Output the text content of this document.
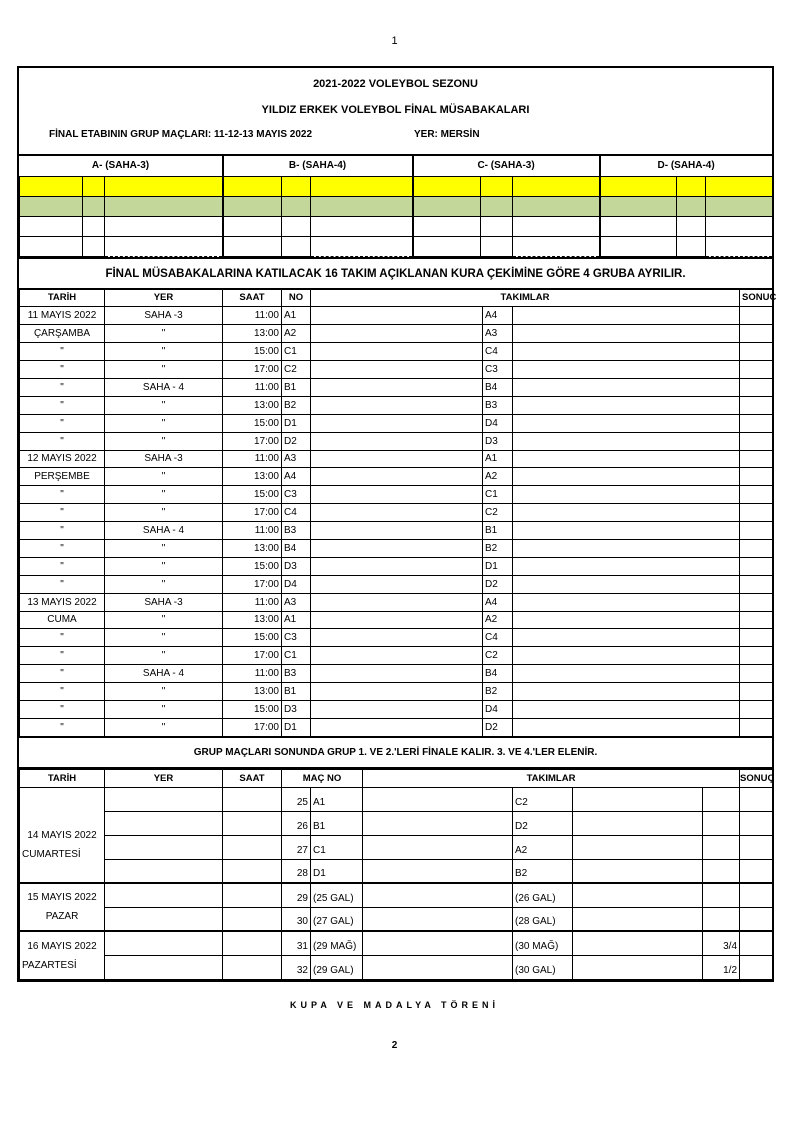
1
2021-2022 VOLEYBOL SEZONU
YILDIZ ERKEK VOLEYBOL FİNAL MÜSABAKALARI
FİNAL ETABININ GRUP MAÇLARI: 11-12-13 MAYIS 2022	YER: MERSİN
A- (SAHA-3)			B- (SAHA-4)			C- (SAHA-3)			D- (SAHA-4)		

FİNAL MÜSABAKALARINA KATILACAK 16 TAKIM AÇIKLANAN KURA ÇEKİMİNE GÖRE 4 GRUBA AYRILIR.
TARİH	YER	SAAT	NO	TAKIMLAR			SONUÇ
11 MAYIS 2022	SAHA -3	11:00	A1		A4		
ÇARŞAMBA	"	13:00	A2		A3		
"	"	15:00	C1		C4		
"	"	17:00	C2		C3		
"	SAHA - 4	11:00	B1		B4		
"	"	13:00	B2		B3		
"	"	15:00	D1		D4		
"	"	17:00	D2		D3		
12 MAYIS 2022	SAHA -3	11:00	A3		A1		
PERŞEMBE	"	13:00	A4		A2		
"	"	15:00	C3		C1		
"	"	17:00	C4		C2		
"	SAHA - 4	11:00	B3		B1		
"	"	13:00	B4		B2		
"	"	15:00	D3		D1		
"	"	17:00	D4		D2		
13 MAYIS 2022	SAHA -3	11:00	A3		A4		
CUMA	"	13:00	A1		A2		
"	"	15:00	C3		C4		
"	"	17:00	C1		C2		
"	SAHA - 4	11:00	B3		B4		
"	"	13:00	B1		B2		
"	"	15:00	D3		D4		
"	"	17:00	D1		D2		
GRUP MAÇLARI SONUNDA GRUP 1. VE 2.'LERİ FİNALE KALIR. 3. VE 4.'LER ELENİR.
TARİH	YER	SAAT	MAÇ NO		TAKIMLAR				SONUÇ

14 MAYIS 2022
CUMARTESİ			25	A1		C2			
			26	B1		D2			
			27	C1		A2			
			28	D1		B2			

15 MAYIS 2022
PAZAR			29	(25 GAL)		(26 GAL)			
			30	(27 GAL)		(28 GAL)			

16 MAYIS 2022
PAZARTESİ			31	(29 MAĞ)		(30 MAĞ)		3/4	
			32	(29 GAL)		(30 GAL)		1/2	
KUPA VE MADALYA TÖRENİ
2
